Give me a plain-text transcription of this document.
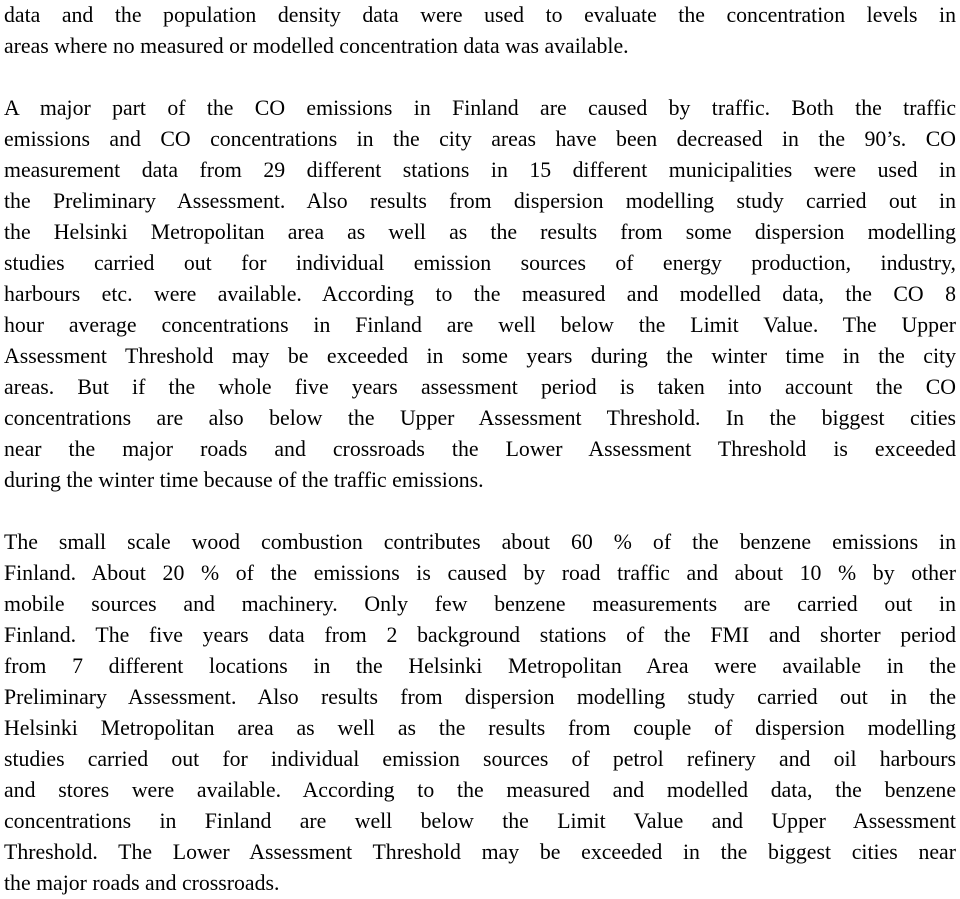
data and the population density data were used to evaluate the concentration levels in
areas where no measured or modelled concentration data was available.

A major part of the CO emissions in Finland are caused by traffic. Both the traffic
emissions and CO concentrations in the city areas have been decreased in the 90’s. CO
measurement data from 29 different stations in 15 different municipalities were used in
the Preliminary Assessment. Also results from dispersion modelling study carried out in
the Helsinki Metropolitan area as well as the results from some dispersion modelling
studies carried out for individual emission sources of energy production, industry,
harbours etc. were available. According to the measured and modelled data, the CO 8
hour average concentrations in Finland are well below the Limit Value. The Upper
Assessment Threshold may be exceeded in some years during the winter time in the city
areas. But if the whole five years assessment period is taken into account the CO
concentrations are also below the Upper Assessment Threshold. In the biggest cities
near the major roads and crossroads the Lower Assessment Threshold is exceeded
during the winter time because of the traffic emissions.

The small scale wood combustion contributes about 60 % of the benzene emissions in
Finland. About 20 % of the emissions is caused by road traffic and about 10 % by other
mobile sources and machinery. Only few benzene measurements are carried out in
Finland. The five years data from 2 background stations of the FMI and shorter period
from 7 different locations in the Helsinki Metropolitan Area were available in the
Preliminary Assessment. Also results from dispersion modelling study carried out in the
Helsinki Metropolitan area as well as the results from couple of dispersion modelling
studies carried out for individual emission sources of petrol refinery and oil harbours
and stores were available. According to the measured and modelled data, the benzene
concentrations in Finland are well below the Limit Value and Upper Assessment
Threshold. The Lower Assessment Threshold may be exceeded in the biggest cities near
the major roads and crossroads.
